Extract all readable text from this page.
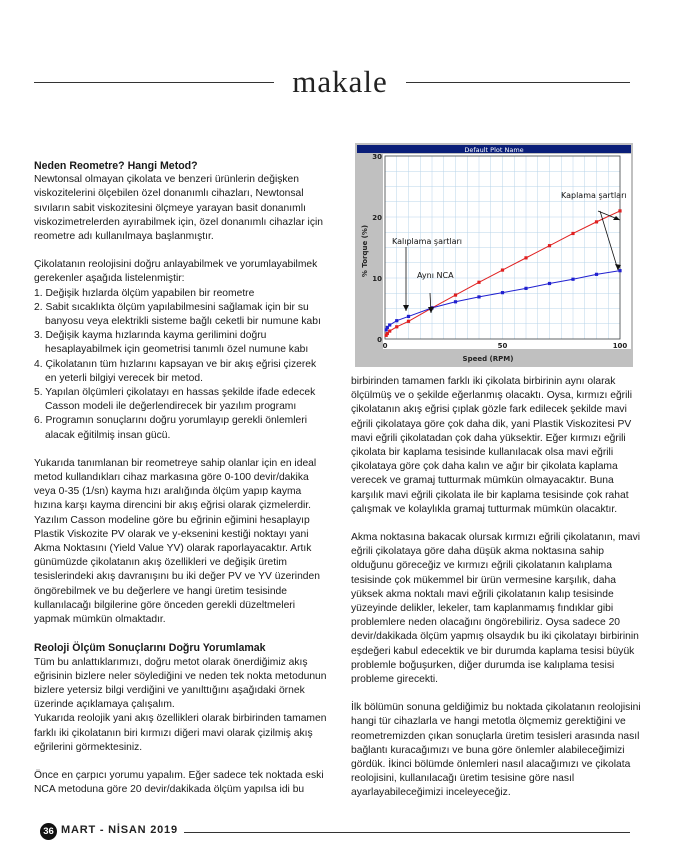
makale
Neden Reometre? Hangi Metod?

Newtonsal olmayan çikolata ve benzeri ürünlerin değişken viskozitelerini ölçebilen özel donanımlı cihazları, Newtonsal sıvıların sabit viskozitesini ölçmeye yarayan basit donanımlı viskozimetrelerden ayırabilmek için, özel donanımlı cihazlar için reometre adı kullanılmaya başlanmıştır.

Çikolatanın reolojisini doğru anlayabilmek ve yorumlayabilmek gerekenler aşağıda listelenmiştir:
1. Değişik hızlarda ölçüm yapabilen bir reometre
2. Sabit sıcaklıkta ölçüm yapılabilmesini sağlamak için bir su banyosu veya elektrikli sisteme bağlı ceketli bir numune kabı
3. Değişik kayma hızlarında kayma gerilimini doğru hesaplayabilmek için geometrisi tanımlı özel numune kabı
4. Çikolatanın tüm hızlarını kapsayan ve bir akış eğrisi çizerek en yeterli bilgiyi verecek bir metod.
5. Yapılan ölçümleri çikolatayı en hassas şekilde ifade edecek Casson modeli ile değerlendirecek bir yazılım programı
6. Programın sonuçlarını doğru yorumlayıp gerekli önlemleri alacak eğitilmiş insan gücü.

Yukarıda tanımlanan bir reometreye sahip olanlar için en ideal metod kullandıkları cihaz markasına göre 0-100 devir/dakika veya 0-35 (1/sn) kayma hızı aralığında ölçüm yapıp kayma hızına karşı kayma direncini bir akış eğrisi olarak çizmelerdir. Yazılım Casson modeline göre bu eğrinin eğimini hesaplayıp Plastik Viskozite PV olarak ve y-eksenini kestiği noktayı yani Akma Noktasını (Yield Value YV) olarak raporlayacaktır. Artık günümüzde çikolatanın akış özellikleri ve değişik üretim tesislerindeki akış davranışını bu iki değer PV ve YV üzerinden öngörebilmek ve bu değerlere ve hangi üretim tesisinde kullanılacağı bilgilerine göre önceden gerekli düzeltmeleri yapmak mümkün olmaktadır.

Reoloji Ölçüm Sonuçlarını Doğru Yorumlamak

Tüm bu anlattıklarımızı, doğru metot olarak önerdiğimiz akış eğrisinin bizlere neler söylediğini ve neden tek nokta metodunun bizlere yetersiz bilgi verdiğini ve yanılttığını aşağıdaki örnek üzerinde açıklamaya çalışalım.
Yukarıda reolojik yani akış özellikleri olarak birbirinden tamamen farklı iki çikolatanın biri kırmızı diğeri mavi olarak çizilmiş akış eğrilerini görmektesiniz.

Önce en çarpıcı yorumu yapalım. Eğer sadece tek noktada eski NCA metoduna göre 20 devir/dakikada ölçüm yapılsa idi bu

Default Plot Name
0	50	100
0
10
20
30
Kaplama şartları
Kalıplama şartları
Aynı NCA
Speed (RPM)
% Torque (%)

birbirinden tamamen farklı iki çikolata birbirinin aynı olarak ölçülmüş ve o şekilde eğerlanmış olacaktı. Oysa, kırmızı eğrili çikolatanın akış eğrisi çıplak gözle fark edilecek şekilde mavi eğrili çikolataya göre çok daha dik, yani Plastik Viskozitesi PV mavi eğrili çikolatadan çok daha yüksektir. Eğer kırmızı eğrili çikolata bir kaplama tesisinde kullanılacak olsa mavi eğrili çikolataya göre çok daha kalın ve ağır bir çikolata kaplama verecek ve gramaj tutturmak mümkün olmayacaktır. Buna karşılık mavi eğrili çikolata ile bir kaplama tesisinde çok rahat çalışmak ve kolaylıkla gramaj tutturmak mümkün olacaktır.

Akma noktasına bakacak olursak kırmızı eğrili çikolatanın, mavi eğrili çikolataya göre daha düşük akma noktasına sahip olduğunu göreceğiz ve kırmızı eğrili çikolatanın kalıplama tesisinde çok mükemmel bir ürün vermesine karşılık, daha yüksek akma noktalı mavi eğrili çikolatanın kalıp tesisinde yüzeyinde delikler, lekeler, tam kaplanmamış fındıklar gibi problemlere neden olacağını öngörebiliriz. Oysa sadece 20 devir/dakikada ölçüm yapmış olsaydık bu iki çikolatayı birbirinin eşdeğeri kabul edecektik ve bir durumda kaplama tesisi büyük problemle boğuşurken, diğer durumda ise kalıplama tesisi probleme girecekti.

İlk bölümün sonuna geldiğimiz bu noktada çikolatanın reolojisini hangi tür cihazlarla ve hangi metotla ölçmemiz gerektiğini ve reometremizden çıkan sonuçlarla üretim tesisleri arasında nasıl bağlantı kuracağımızı ve buna göre önlemler alabileceğimizi gördük. İkinci bölümde önlemleri nasıl alacağımızı ve çikolata reolojisini, kullanılacağı üretim tesisine göre nasıl ayarlayabileceğimizi inceleyeceğiz.

36 MART - NİSAN 2019
